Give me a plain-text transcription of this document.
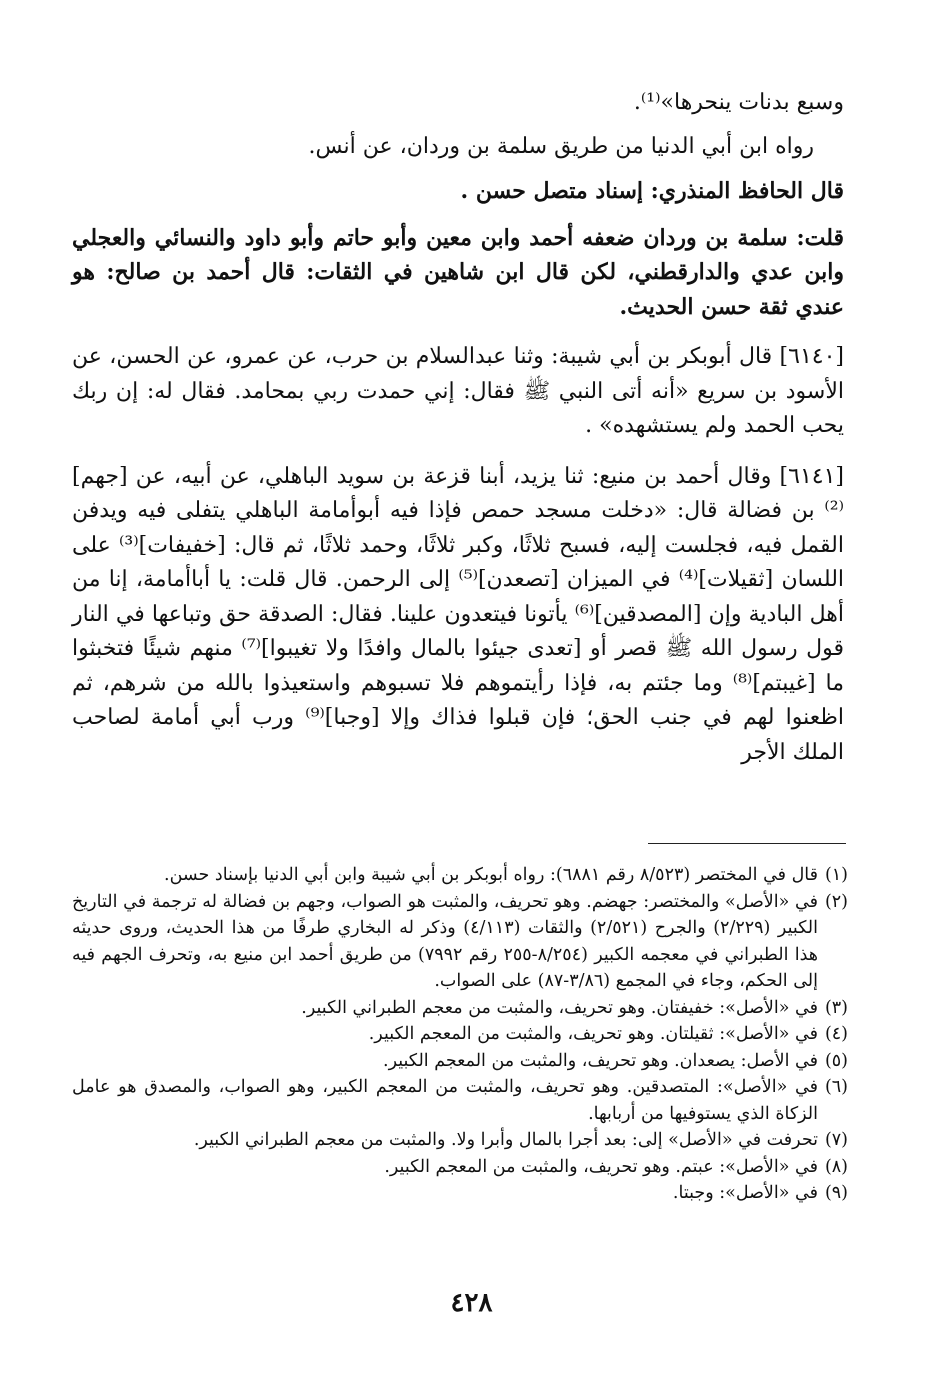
وسبع بدنات ينحرها»⁽¹⁾.

رواه ابن أبي الدنيا من طريق سلمة بن وردان، عن أنس.

قال الحافظ المنذري: إسناد متصل حسن .

قلت: سلمة بن وردان ضعفه أحمد وابن معين وأبو حاتم وأبو داود والنسائي والعجلي وابن عدي والدارقطني، لكن قال ابن شاهين في الثقات: قال أحمد بن صالح: هو عندي ثقة حسن الحديث.

[٦١٤٠] قال أبوبكر بن أبي شيبة: وثنا عبدالسلام بن حرب، عن عمرو، عن الحسن، عن الأسود بن سريع «أنه أتى النبي ﷺ فقال: إني حمدت ربي بمحامد. فقال له: إن ربك يحب الحمد ولم يستشهده» .

[٦١٤١] وقال أحمد بن منيع: ثنا يزيد، أبنا قزعة بن سويد الباهلي، عن أبيه، عن [جهم]⁽²⁾ بن فضالة قال: «دخلت مسجد حمص فإذا فيه أبوأمامة الباهلي يتفلى فيه ويدفن القمل فيه، فجلست إليه، فسبح ثلاثًا، وكبر ثلاثًا، وحمد ثلاثًا، ثم قال: [خفيفات]⁽³⁾ على اللسان [ثقيلات]⁽⁴⁾ في الميزان [تصعدن]⁽⁵⁾ إلى الرحمن. قال قلت: يا أباأمامة، إنا من أهل البادية وإن [المصدقين]⁽⁶⁾ يأتونا فيتعدون علينا. فقال: الصدقة حق وتباعها في النار قول رسول الله ﷺ قصر أو [تعدى جيئوا بالمال وافدًا ولا تغيبوا]⁽⁷⁾ منهم شيئًا فتخبثوا ما [غيبتم]⁽⁸⁾ وما جئتم به، فإذا رأيتموهم فلا تسبوهم واستعيذوا بالله من شرهم، ثم اظعنوا لهم في جنب الحق؛ فإن قبلوا فذاك وإلا [وجبا]⁽⁹⁾ ورب أبي أمامة لصاحب الملك الأجر

(١)
قال في المختصر (٨/٥٢٣ رقم ٦٨٨١): رواه أبوبكر بن أبي شيبة وابن أبي الدنيا بإسناد حسن.
(٢)
في «الأصل» والمختصر: جهضم. وهو تحريف، والمثبت هو الصواب، وجهم بن فضالة له ترجمة في التاريخ الكبير (٢/٢٢٩) والجرح (٢/٥٢١) والثقات (٤/١١٣) وذكر له البخاري طرفًا من هذا الحديث، وروى حديثه هذا الطبراني في معجمه الكبير (٨/٢٥٤-٢٥٥ رقم ٧٩٩٢) من طريق أحمد ابن منيع به، وتحرف الجهم فيه إلى الحكم، وجاء في المجمع (٣/٨٦-٨٧) على الصواب.
(٣)
في «الأصل»: خفيفتان. وهو تحريف، والمثبت من معجم الطبراني الكبير.
(٤)
في «الأصل»: ثقيلتان. وهو تحريف، والمثبت من المعجم الكبير.
(٥)
في الأصل: يصعدان. وهو تحريف، والمثبت من المعجم الكبير.
(٦)
في «الأصل»: المتصدقين. وهو تحريف، والمثبت من المعجم الكبير، وهو الصواب، والمصدق هو عامل الزكاة الذي يستوفيها من أربابها.
(٧)
تحرفت في «الأصل» إلى: بعد أجرا بالمال وأبرا ولا. والمثبت من معجم الطبراني الكبير.
(٨)
في «الأصل»: عبتم. وهو تحريف، والمثبت من المعجم الكبير.
(٩)
في «الأصل»: وجبتا.
٤٢٨
